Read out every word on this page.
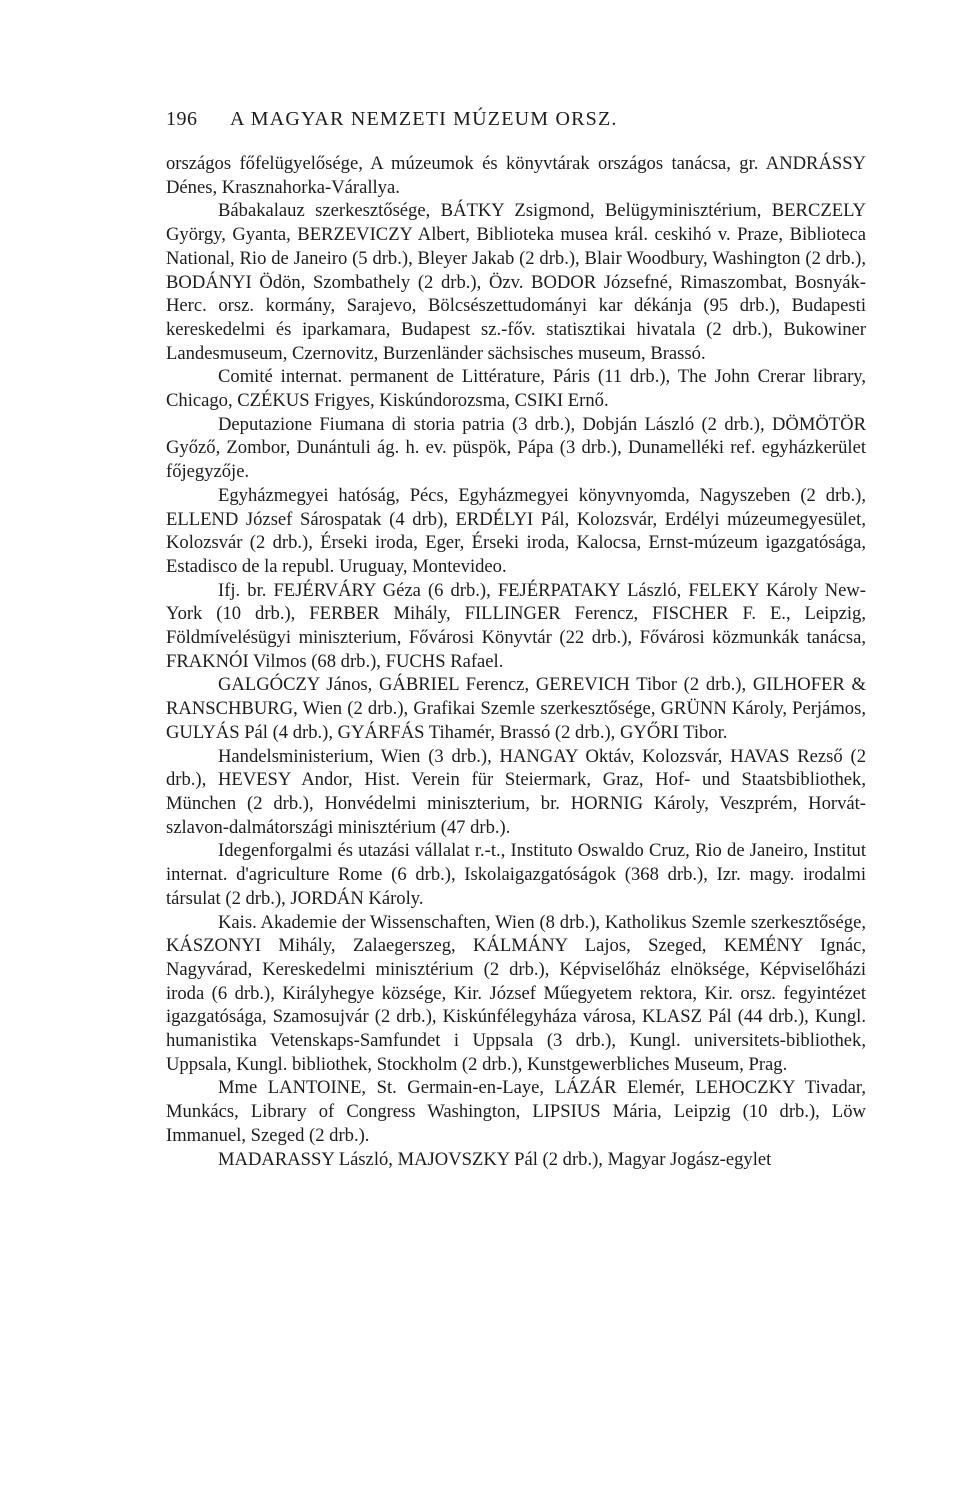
196	A MAGYAR NEMZETI MÚZEUM ORSZ.

országos főfelügyelősége, A múzeumok és könyvtárak országos tanácsa, gr. ANDRÁSSY Dénes, Krasznahorka-Várallya.

Bábakalauz szerkesztősége, BÁTKY Zsigmond, Belügyminisztérium, BERCZELY György, Gyanta, BERZEVICZY Albert, Biblioteka musea král. ceskihó v. Praze, Biblioteca National, Rio de Janeiro (5 drb.), Bleyer Jakab (2 drb.), Blair Woodbury, Washington (2 drb.), BODÁNYI Ödön, Szombathely (2 drb.), Özv. BODOR Józsefné, Rimaszombat, Bosnyák-Herc. orsz. kormány, Sarajevo, Bölcsészettudományi kar dékánja (95 drb.), Budapesti kereskedelmi és iparkamara, Budapest sz.-főv. statisztikai hivatala (2 drb.), Bukowiner Landesmuseum, Czernovitz, Burzenländer sächsisches museum, Brassó.

Comité internat. permanent de Littérature, Páris (11 drb.), The John Crerar library, Chicago, CZÉKUS Frigyes, Kiskúndorozsma, CSIKI Ernő.

Deputazione Fiumana di storia patria (3 drb.), Dobján László (2 drb.), DÖMÖTÖR Győző, Zombor, Dunántuli ág. h. ev. püspök, Pápa (3 drb.), Dunamelléki ref. egyházkerület főjegyzője.

Egyházmegyei hatóság, Pécs, Egyházmegyei könyvnyomda, Nagyszeben (2 drb.), ELLEND József Sárospatak (4 drb), ERDÉLYI Pál, Kolozsvár, Erdélyi múzeumegyesület, Kolozsvár (2 drb.), Érseki iroda, Eger, Érseki iroda, Kalocsa, Ernst-múzeum igazgatósága, Estadisco de la republ. Uruguay, Montevideo.

Ifj. br. FEJÉRVÁRY Géza (6 drb.), FEJÉRPATAKY László, FELEKY Károly New-York (10 drb.), FERBER Mihály, FILLINGER Ferencz, FISCHER F. E., Leipzig, Földmívelésügyi miniszterium, Fővárosi Könyvtár (22 drb.), Fővárosi közmunkák tanácsa, FRAKNÓI Vilmos (68 drb.), FUCHS Rafael.

GALGÓCZY János, GÁBRIEL Ferencz, GEREVICH Tibor (2 drb.), GILHOFER & RANSCHBURG, Wien (2 drb.), Grafikai Szemle szerkesztősége, GRÜNN Károly, Perjámos, GULYÁS Pál (4 drb.), GYÁRFÁS Tihamér, Brassó (2 drb.), GYŐRI Tibor.

Handelsministerium, Wien (3 drb.), HANGAY Oktáv, Kolozsvár, HAVAS Rezső (2 drb.), HEVESY Andor, Hist. Verein für Steiermark, Graz, Hof- und Staatsbibliothek, München (2 drb.), Honvédelmi miniszterium, br. HORNIG Károly, Veszprém, Horvát-szlavon-dalmátországi minisztérium (47 drb.).

Idegenforgalmi és utazási vállalat r.-t., Instituto Oswaldo Cruz, Rio de Janeiro, Institut internat. d'agriculture Rome (6 drb.), Iskolaigazgatóságok (368 drb.), Izr. magy. irodalmi társulat (2 drb.), JORDÁN Károly.

Kais. Akademie der Wissenschaften, Wien (8 drb.), Katholikus Szemle szerkesztősége, KÁSZONYI Mihály, Zalaegerszeg, KÁLMÁNY Lajos, Szeged, KEMÉNY Ignác, Nagyvárad, Kereskedelmi minisztérium (2 drb.), Képviselőház elnöksége, Képviselőházi iroda (6 drb.), Királyhegye községe, Kir. József Műegyetem rektora, Kir. orsz. fegyintézet igazgatósága, Szamosujvár (2 drb.), Kiskúnfélegyháza városa, KLASZ Pál (44 drb.), Kungl. humanistika Vetenskaps-Samfundet i Uppsala (3 drb.), Kungl. universitets-bibliothek, Uppsala, Kungl. bibliothek, Stockholm (2 drb.), Kunstgewerbliches Museum, Prag.

Mme LANTOINE, St. Germain-en-Laye, LÁZÁR Elemér, LEHOCZKY Tivadar, Munkács, Library of Congress Washington, LIPSIUS Mária, Leipzig (10 drb.), Löw Immanuel, Szeged (2 drb.).

MADARASSY László, MAJOVSZKY Pál (2 drb.), Magyar Jogász-egylet
